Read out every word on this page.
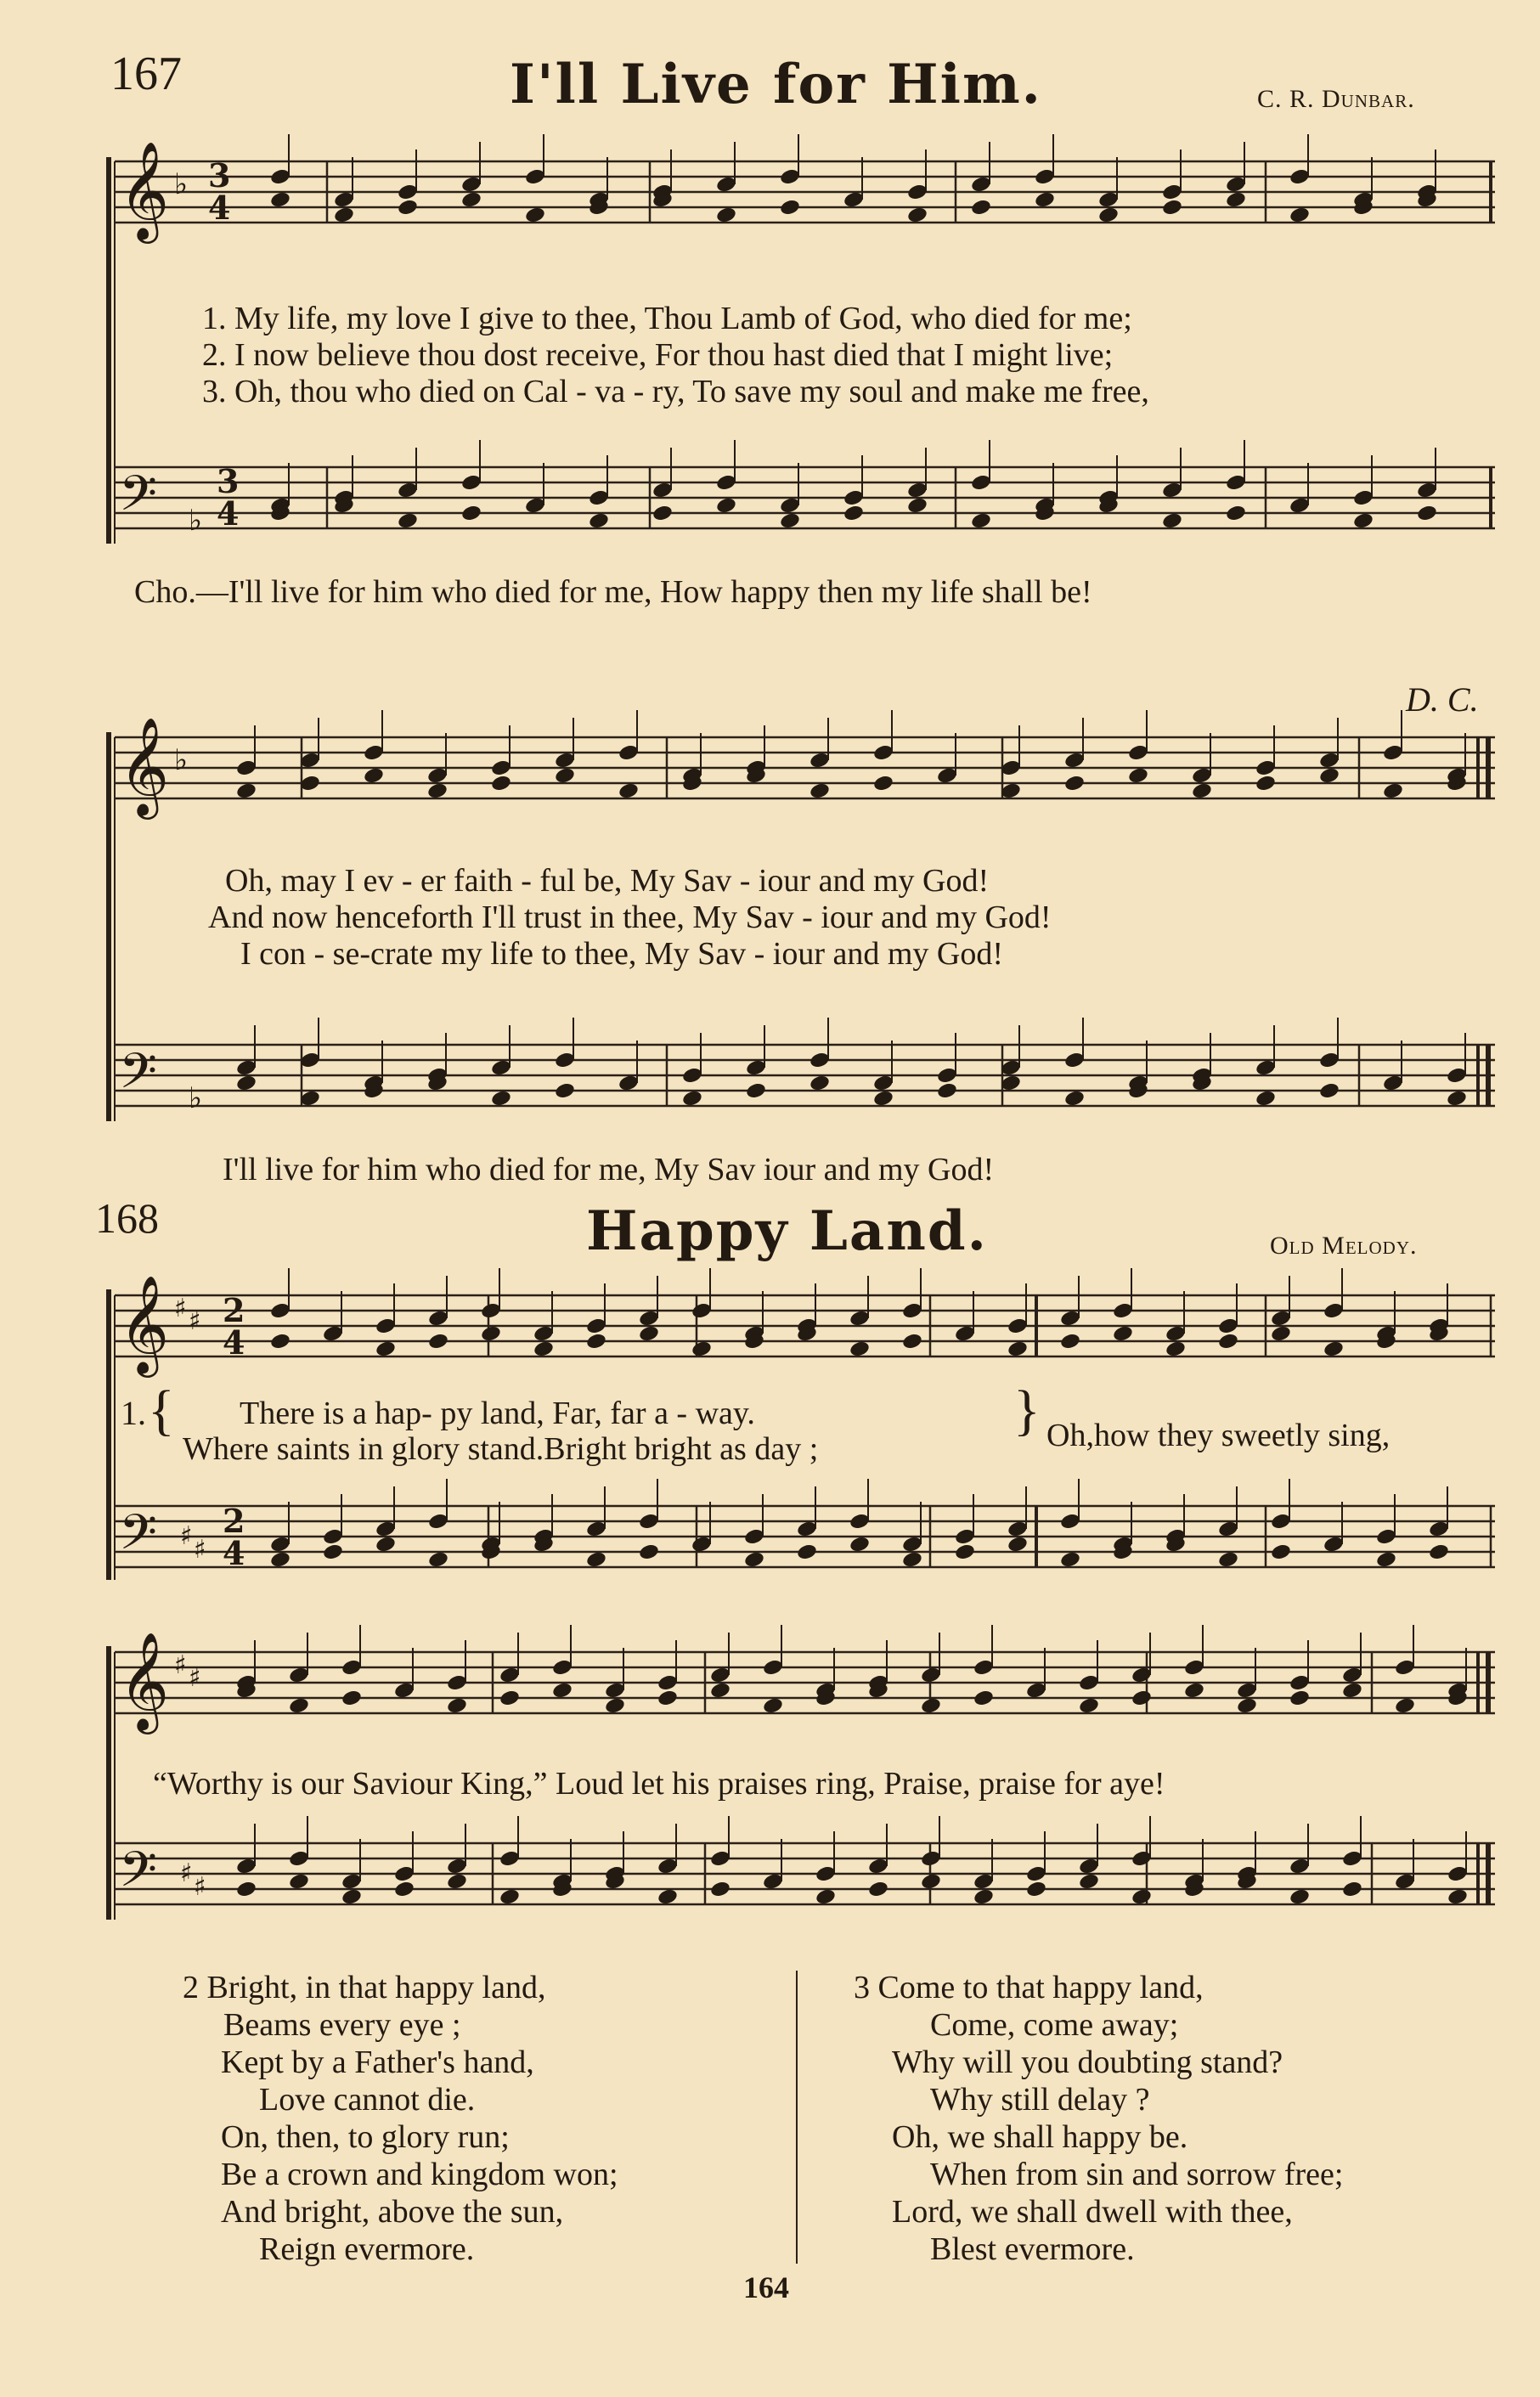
𝄞 ♭ 3
4
𝄢 ♭
3
4
𝄞 ♭
𝄢 ♭
𝄞 ♯ ♯ 2
4
𝄢 ♯ ♯
2
4
𝄞 ♯ ♯
𝄢 ♯ ♯
167	I'll Live for Him.	C. R. Dunbar.
1. My life, my love I give to thee, Thou Lamb of God, who died for me;
2. I now believe thou dost receive, For thou hast died that I might live;
3. Oh, thou who died on Cal - va - ry, To save my soul and make me free,
Cho.—I'll live for him who died for me, How happy then my life shall be!
D. C.
Oh, may I ev - er faith - ful be, My Sav - iour and my God!
And now henceforth I'll trust in thee, My Sav - iour and my God!
I con - se-crate my life to thee, My Sav - iour and my God!
I'll live for him who died for me, My Sav iour and my God!
168	Happy Land.	Old Melody.
1. { There is a hap- py land, Far, far a - way.
Where saints in glory stand.Bright bright as day ;
} Oh,how they sweetly sing,
“Worthy is our Saviour King,” Loud let his praises ring, Praise, praise for aye!
2 Bright, in that happy land,
Beams every eye ;
Kept by a Father's hand,
Love cannot die.
On, then, to glory run;
Be a crown and kingdom won;
And bright, above the sun,
Reign evermore.
3 Come to that happy land,
Come, come away;
Why will you doubting stand?
Why still delay ?
Oh, we shall happy be.
When from sin and sorrow free;
Lord, we shall dwell with thee,
Blest evermore.
164
